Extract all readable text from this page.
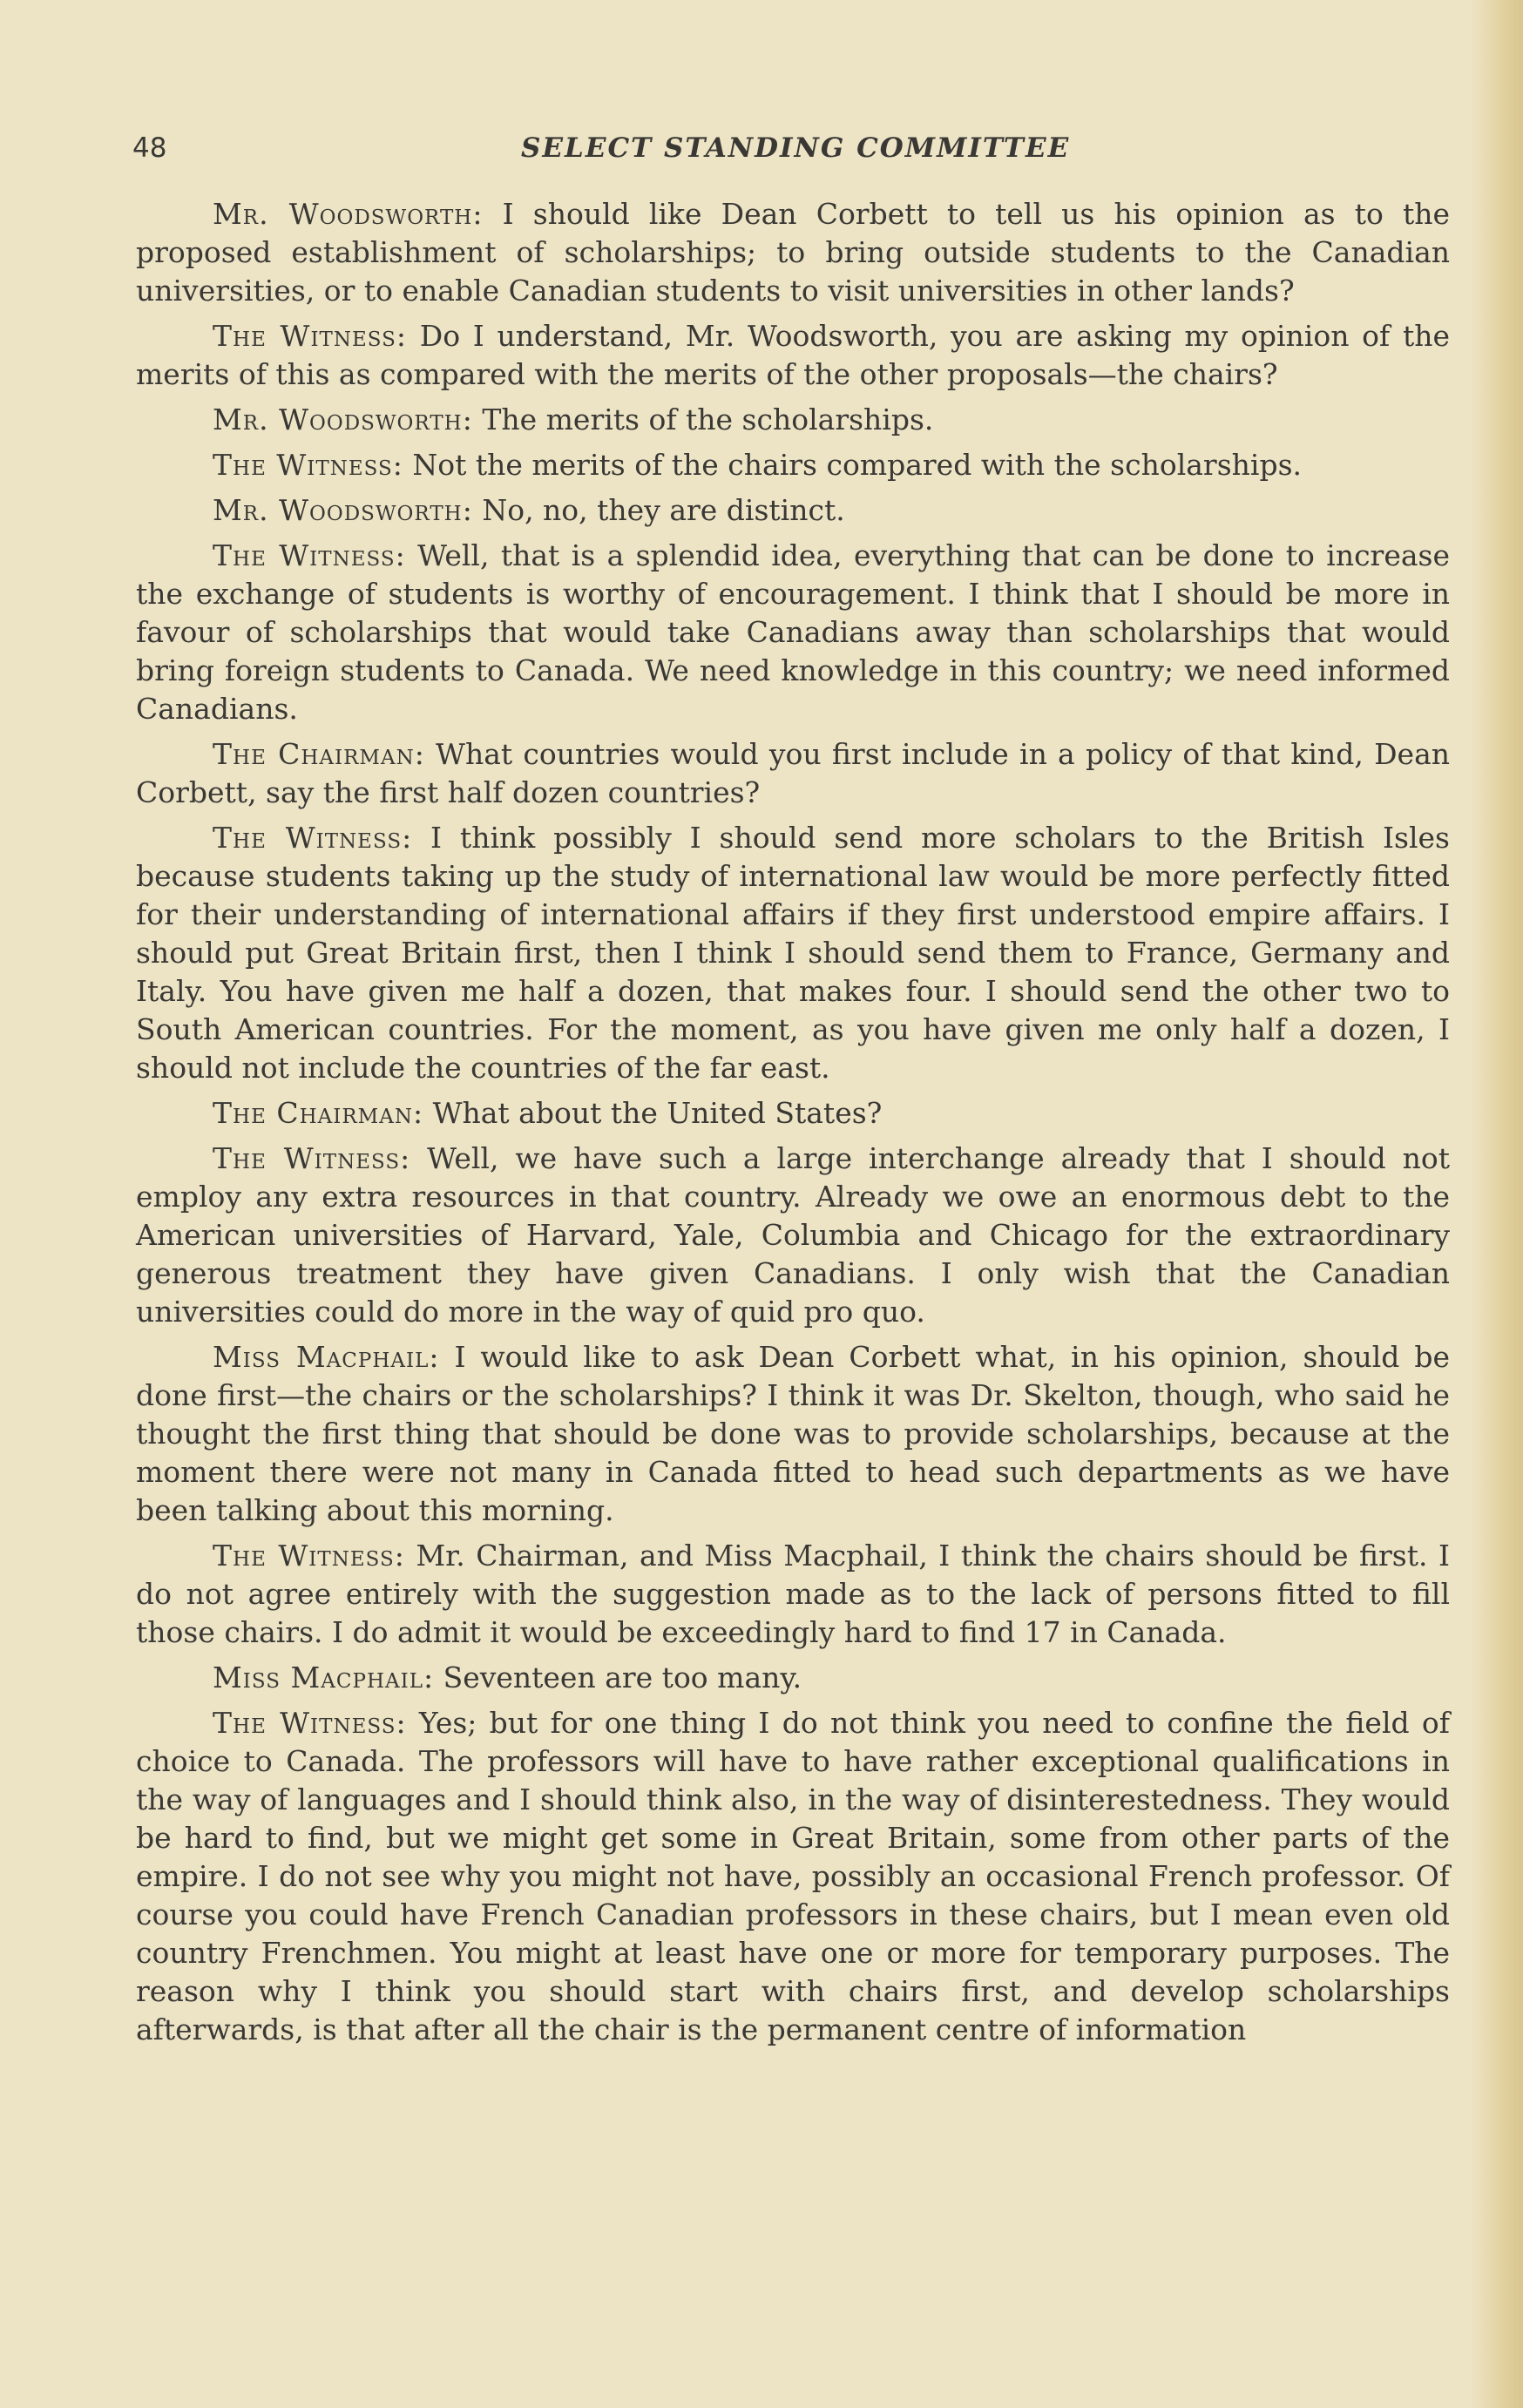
48	SELECT STANDING COMMITTEE

Mr. Woodsworth: I should like Dean Corbett to tell us his opinion as to the proposed establishment of scholarships; to bring outside students to the Canadian universities, or to enable Canadian students to visit universities in other lands?

The Witness: Do I understand, Mr. Woodsworth, you are asking my opinion of the merits of this as compared with the merits of the other proposals—the chairs?

Mr. Woodsworth: The merits of the scholarships.

The Witness: Not the merits of the chairs compared with the scholarships.

Mr. Woodsworth: No, no, they are distinct.

The Witness: Well, that is a splendid idea, everything that can be done to increase the exchange of students is worthy of encouragement. I think that I should be more in favour of scholarships that would take Canadians away than scholarships that would bring foreign students to Canada. We need knowledge in this country; we need informed Canadians.

The Chairman: What countries would you first include in a policy of that kind, Dean Corbett, say the first half dozen countries?

The Witness: I think possibly I should send more scholars to the British Isles because students taking up the study of international law would be more perfectly fitted for their understanding of international affairs if they first understood empire affairs. I should put Great Britain first, then I think I should send them to France, Germany and Italy. You have given me half a dozen, that makes four. I should send the other two to South American countries. For the moment, as you have given me only half a dozen, I should not include the countries of the far east.

The Chairman: What about the United States?

The Witness: Well, we have such a large interchange already that I should not employ any extra resources in that country. Already we owe an enormous debt to the American universities of Harvard, Yale, Columbia and Chicago for the extraordinary generous treatment they have given Canadians. I only wish that the Canadian universities could do more in the way of quid pro quo.

Miss Macphail: I would like to ask Dean Corbett what, in his opinion, should be done first—the chairs or the scholarships? I think it was Dr. Skelton, though, who said he thought the first thing that should be done was to provide scholarships, because at the moment there were not many in Canada fitted to head such departments as we have been talking about this morning.

The Witness: Mr. Chairman, and Miss Macphail, I think the chairs should be first. I do not agree entirely with the suggestion made as to the lack of persons fitted to fill those chairs. I do admit it would be exceedingly hard to find 17 in Canada.

Miss Macphail: Seventeen are too many.

The Witness: Yes; but for one thing I do not think you need to confine the field of choice to Canada. The professors will have to have rather exceptional qualifications in the way of languages and I should think also, in the way of disinterestedness. They would be hard to find, but we might get some in Great Britain, some from other parts of the empire. I do not see why you might not have, possibly an occasional French professor. Of course you could have French Canadian professors in these chairs, but I mean even old country Frenchmen. You might at least have one or more for temporary purposes. The reason why I think you should start with chairs first, and develop scholarships afterwards, is that after all the chair is the permanent centre of information
